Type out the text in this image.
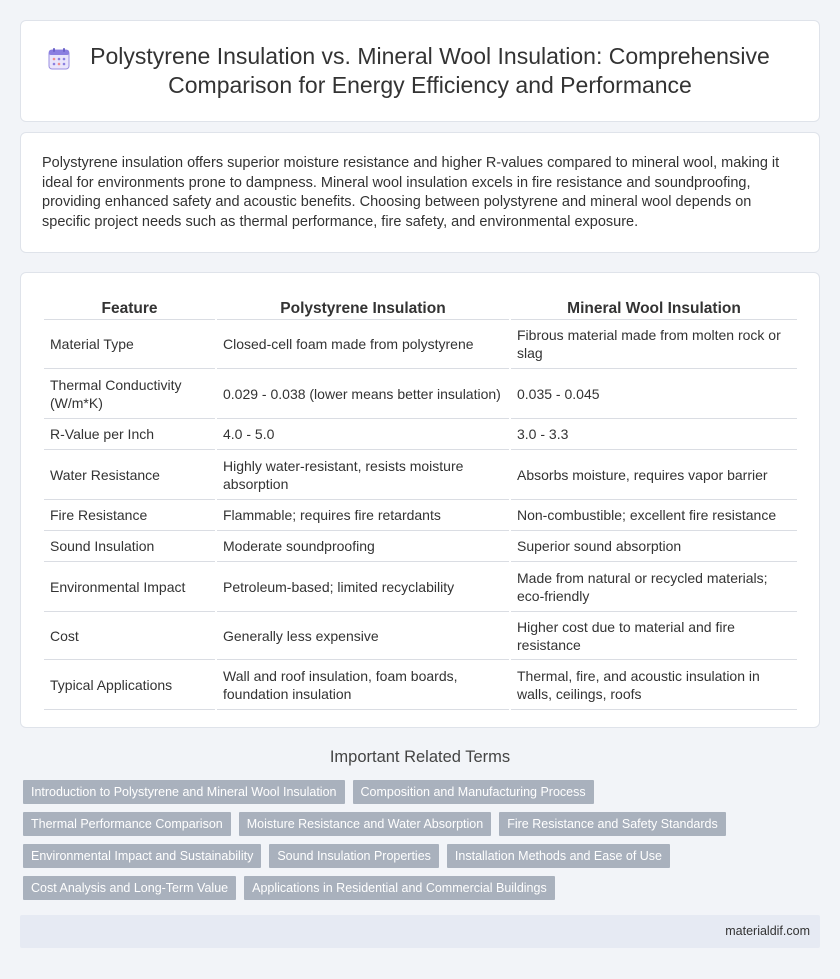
Polystyrene Insulation vs. Mineral Wool Insulation: Comprehensive Comparison for Energy Efficiency and Performance

Polystyrene insulation offers superior moisture resistance and higher R-values compared to mineral wool, making it ideal for environments prone to dampness. Mineral wool insulation excels in fire resistance and soundproofing, providing enhanced safety and acoustic benefits. Choosing between polystyrene and mineral wool depends on specific project needs such as thermal performance, fire safety, and environmental exposure.

Feature	Polystyrene Insulation	Mineral Wool Insulation
Material Type	Closed-cell foam made from polystyrene	Fibrous material made from molten rock or slag
Thermal Conductivity (W/m*K)	0.029 - 0.038 (lower means better insulation)	0.035 - 0.045
R-Value per Inch	4.0 - 5.0	3.0 - 3.3
Water Resistance	Highly water-resistant, resists moisture absorption	Absorbs moisture, requires vapor barrier
Fire Resistance	Flammable; requires fire retardants	Non-combustible; excellent fire resistance
Sound Insulation	Moderate soundproofing	Superior sound absorption
Environmental Impact	Petroleum-based; limited recyclability	Made from natural or recycled materials; eco-friendly
Cost	Generally less expensive	Higher cost due to material and fire resistance
Typical Applications	Wall and roof insulation, foam boards, foundation insulation	Thermal, fire, and acoustic insulation in walls, ceilings, roofs
Important Related Terms
Introduction to Polystyrene and Mineral Wool Insulation	Composition and Manufacturing Process
Thermal Performance Comparison	Moisture Resistance and Water Absorption	Fire Resistance and Safety Standards
Environmental Impact and Sustainability	Sound Insulation Properties	Installation Methods and Ease of Use
Cost Analysis and Long-Term Value	Applications in Residential and Commercial Buildings
materialdif.com
